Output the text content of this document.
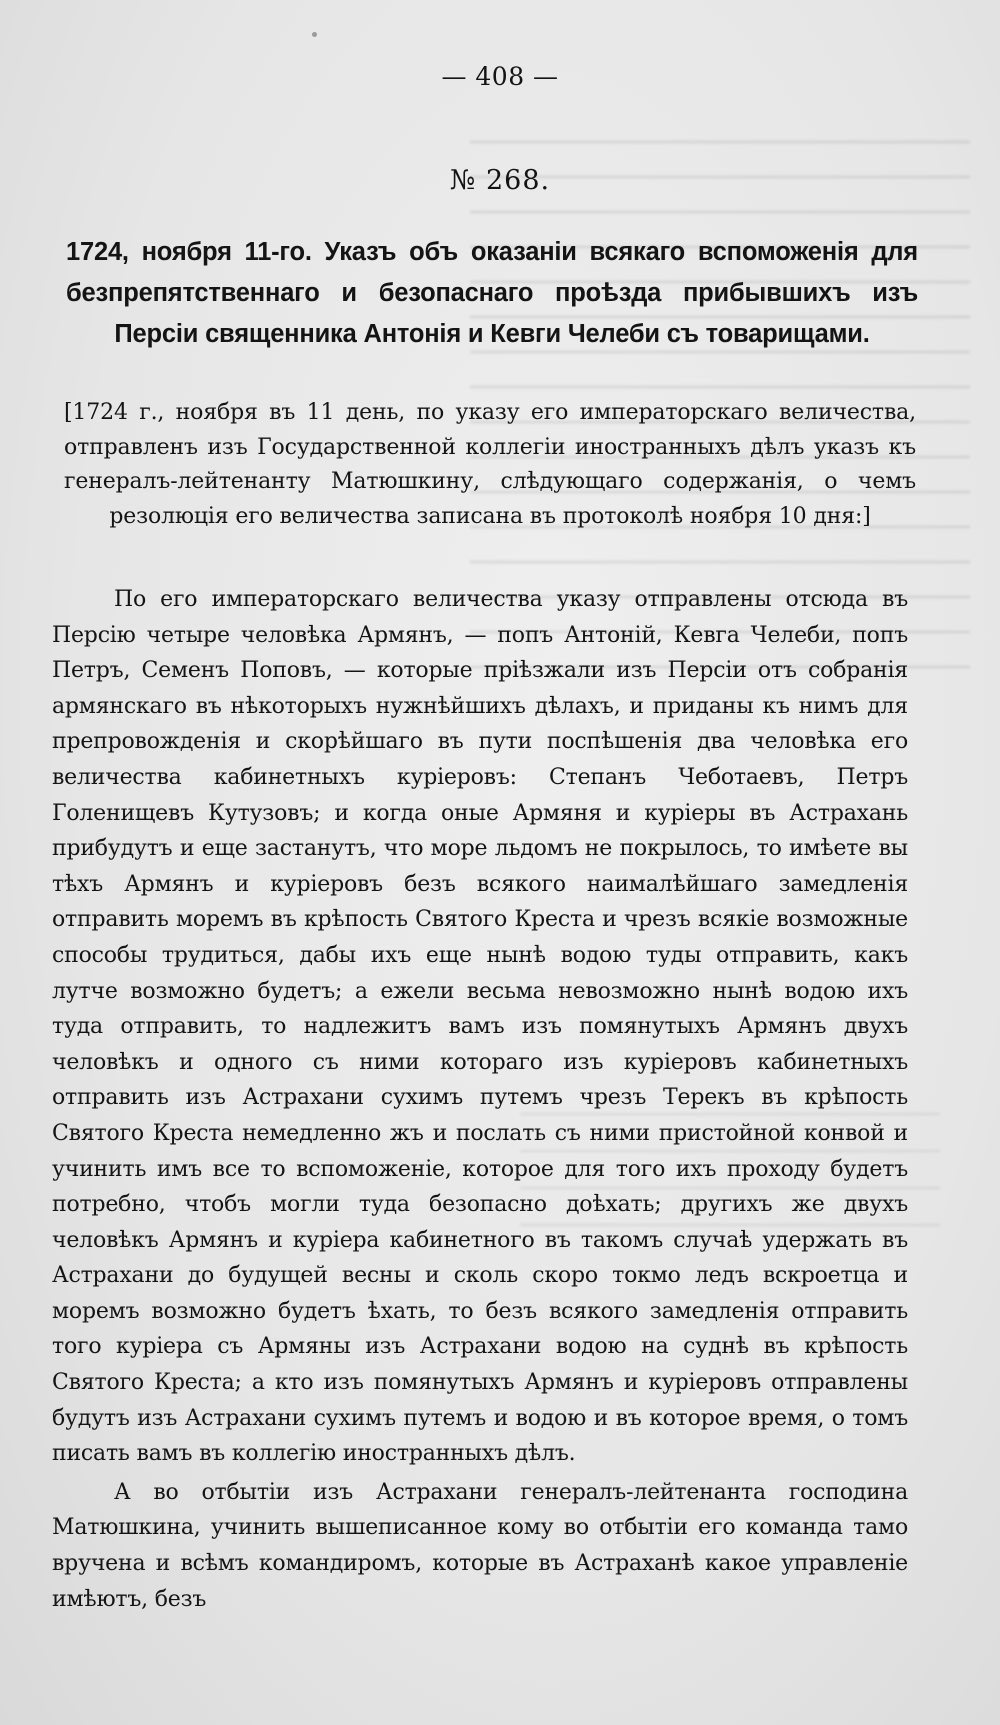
— 408 —
№ 268.
1724, ноября 11-го. Указъ объ оказаніи всякаго вспоможенія для безпрепятственнаго и безопаснаго проѣзда прибывшихъ изъ Персіи священника Антонія и Кевги Челеби съ товарищами.
[1724 г., ноября въ 11 день, по указу его императорскаго величества, отправленъ изъ Государственной коллегіи иностранныхъ дѣлъ указъ къ генералъ-лейтенанту Матюшкину, слѣдующаго содержанія, о чемъ резолюція его величества записана въ протоколѣ ноября 10 дня:]

По его императорскаго величества указу отправлены отсюда въ Персію четыре человѣка Армянъ, — попъ Антоній, Кевга Челеби, попъ Петръ, Семенъ Поповъ, — которые пріѣзжали изъ Персіи отъ собранія армянскаго въ нѣкоторыхъ нужнѣйшихъ дѣлахъ, и приданы къ нимъ для препровожденія и скорѣйшаго въ пути поспѣшенія два человѣка его величества кабинетныхъ куріеровъ: Степанъ Чеботаевъ, Петръ Голенищевъ Кутузовъ; и когда оные Армяня и куріеры въ Астрахань прибудутъ и еще застанутъ, что море льдомъ не покрылось, то имѣете вы тѣхъ Армянъ и куріеровъ безъ всякого наималѣйшаго замедленія отправить моремъ въ крѣпость Святого Креста и чрезъ всякіе возможные способы трудиться, дабы ихъ еще нынѣ водою туды отправить, какъ лутче возможно будетъ; а ежели весьма невозможно нынѣ водою ихъ туда отправить, то надлежитъ вамъ изъ помянутыхъ Армянъ двухъ человѣкъ и одного съ ними котораго изъ куріеровъ кабинетныхъ отправить изъ Астрахани сухимъ путемъ чрезъ Терекъ въ крѣпость Святого Креста немедленно жъ и послать съ ними пристойной конвой и учинить имъ все то вспоможеніе, которое для того ихъ проходу будетъ потребно, чтобъ могли туда безопасно доѣхать; другихъ же двухъ человѣкъ Армянъ и куріера кабинетного въ такомъ случаѣ удержать въ Астрахани до будущей весны и сколь скоро токмо ледъ вскроетца и моремъ возможно будетъ ѣхать, то безъ всякого замедленія отправить того куріера съ Армяны изъ Астрахани водою на суднѣ въ крѣпость Святого Креста; а кто изъ помянутыхъ Армянъ и куріеровъ отправлены будутъ изъ Астрахани сухимъ путемъ и водою и въ которое время, о томъ писать вамъ въ коллегію иностранныхъ дѣлъ.

А во отбытіи изъ Астрахани генералъ-лейтенанта господина Матюшкина, учинить вышеписанное кому во отбытіи его команда тамо вручена и всѣмъ командиромъ, которые въ Астраханѣ какое управленіе имѣютъ, безъ
